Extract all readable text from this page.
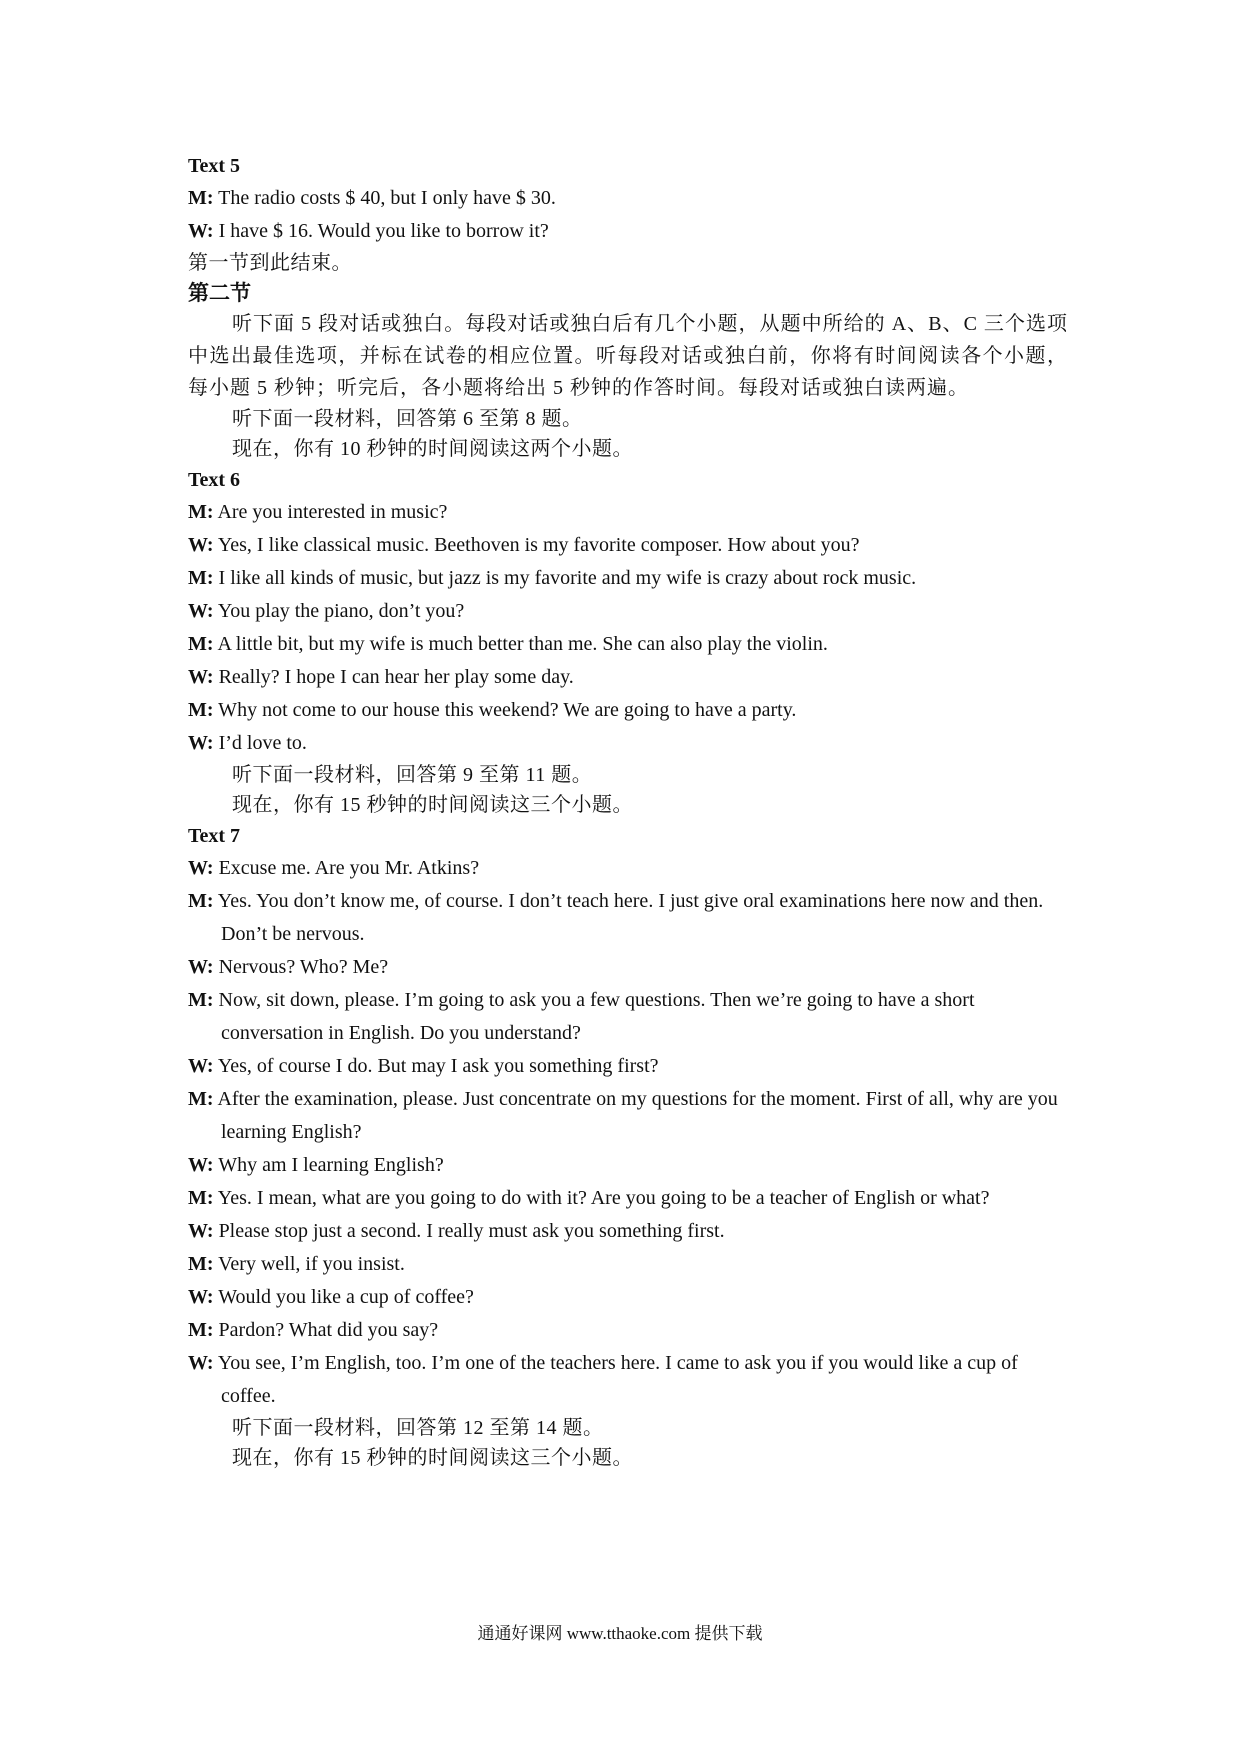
Text 5
M: The radio costs $ 40, but I only have $ 30.
W: I have $ 16. Would you like to borrow it?
第一节到此结束。
第二节
听下面 5 段对话或独白。每段对话或独白后有几个小题，从题中所给的 A、B、C 三个选项中选出最佳选项，并标在试卷的相应位置。听每段对话或独白前，你将有时间阅读各个小题，每小题 5 秒钟；听完后，各小题将给出 5 秒钟的作答时间。每段对话或独白读两遍。
听下面一段材料，回答第 6 至第 8 题。
现在，你有 10 秒钟的时间阅读这两个小题。
Text 6
M: Are you interested in music?
W: Yes, I like classical music. Beethoven is my favorite composer. How about you?
M: I like all kinds of music, but jazz is my favorite and my wife is crazy about rock music.
W: You play the piano, don’t you?
M: A little bit, but my wife is much better than me. She can also play the violin.
W: Really? I hope I can hear her play some day.
M: Why not come to our house this weekend? We are going to have a party.
W: I’d love to.
听下面一段材料，回答第 9 至第 11 题。
现在，你有 15 秒钟的时间阅读这三个小题。
Text 7
W: Excuse me. Are you Mr. Atkins?
M: Yes. You don’t know me, of course. I don’t teach here. I just give oral examinations here now and then. Don’t be nervous.
W: Nervous? Who? Me?
M: Now, sit down, please. I’m going to ask you a few questions. Then we’re going to have a short conversation in English. Do you understand?
W: Yes, of course I do. But may I ask you something first?
M: After the examination, please. Just concentrate on my questions for the moment. First of all, why are you learning English?
W: Why am I learning English?
M: Yes. I mean, what are you going to do with it? Are you going to be a teacher of English or what?
W: Please stop just a second. I really must ask you something first.
M: Very well, if you insist.
W: Would you like a cup of coffee?
M: Pardon? What did you say?
W: You see, I’m English, too. I’m one of the teachers here. I came to ask you if you would like a cup of coffee.
听下面一段材料，回答第 12 至第 14 题。
现在，你有 15 秒钟的时间阅读这三个小题。
通通好课网 www.tthaoke.com 提供下载
